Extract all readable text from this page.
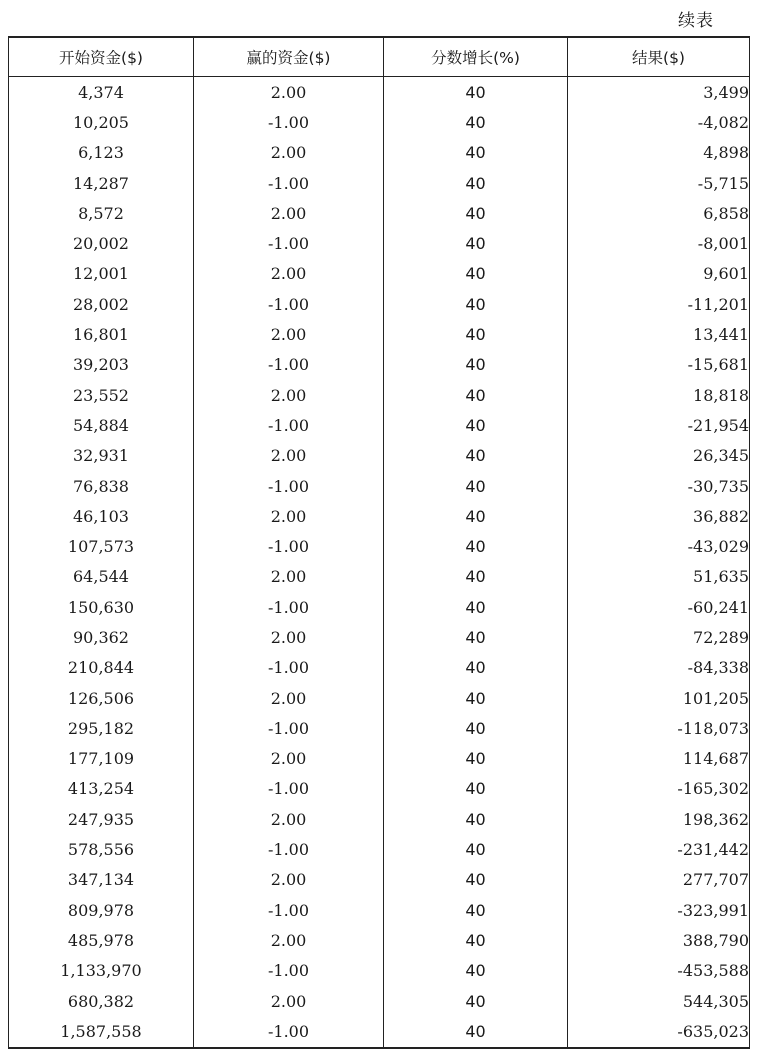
续表
开始资金($)	赢的资金($)	分数增长(%)	结果($)
4,374	2.00	40	3,499
10,205	-1.00	40	-4,082
6,123	2.00	40	4,898
14,287	-1.00	40	-5,715
8,572	2.00	40	6,858
20,002	-1.00	40	-8,001
12,001	2.00	40	9,601
28,002	-1.00	40	-11,201
16,801	2.00	40	13,441
39,203	-1.00	40	-15,681
23,552	2.00	40	18,818
54,884	-1.00	40	-21,954
32,931	2.00	40	26,345
76,838	-1.00	40	-30,735
46,103	2.00	40	36,882
107,573	-1.00	40	-43,029
64,544	2.00	40	51,635
150,630	-1.00	40	-60,241
90,362	2.00	40	72,289
210,844	-1.00	40	-84,338
126,506	2.00	40	101,205
295,182	-1.00	40	-118,073
177,109	2.00	40	114,687
413,254	-1.00	40	-165,302
247,935	2.00	40	198,362
578,556	-1.00	40	-231,442
347,134	2.00	40	277,707
809,978	-1.00	40	-323,991
485,978	2.00	40	388,790
1,133,970	-1.00	40	-453,588
680,382	2.00	40	544,305
1,587,558	-1.00	40	-635,023
